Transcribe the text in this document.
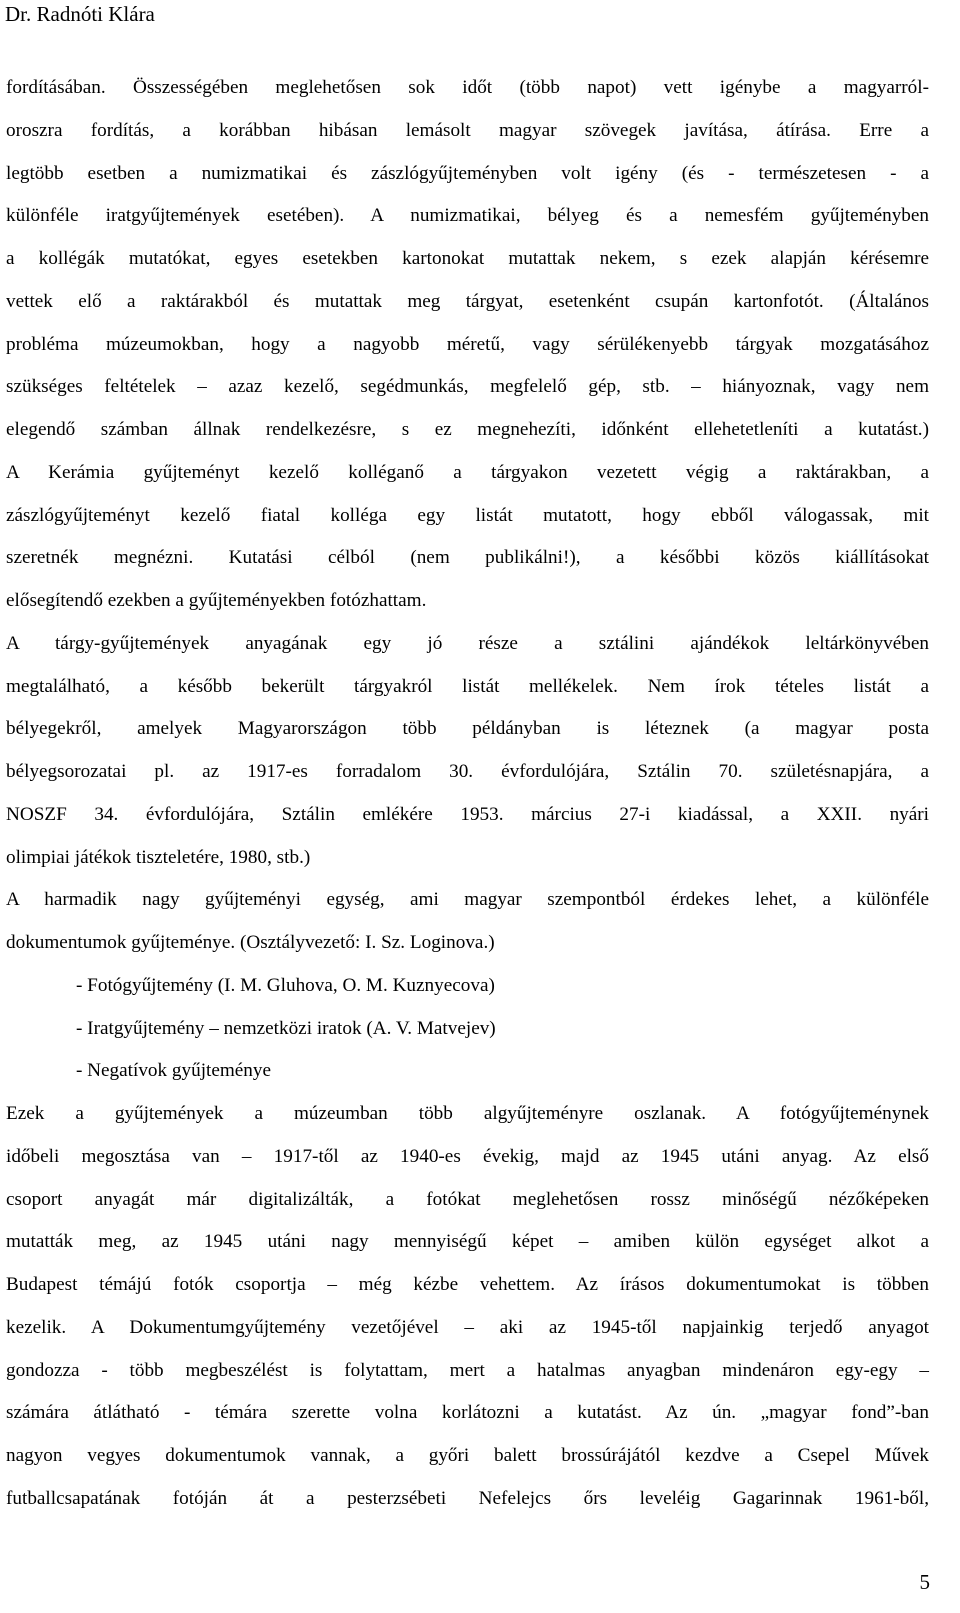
Dr. Radnóti Klára
fordításában. Összességében meglehetősen sok időt (több napot) vett igénybe a magyarról-
oroszra fordítás, a korábban hibásan lemásolt magyar szövegek javítása, átírása. Erre a
legtöbb esetben a numizmatikai és zászlógyűjteményben volt igény (és - természetesen - a
különféle iratgyűjtemények esetében). A numizmatikai, bélyeg és a nemesfém gyűjteményben
a kollégák mutatókat, egyes esetekben kartonokat mutattak nekem, s ezek alapján kérésemre
vettek elő a raktárakból és mutattak meg tárgyat, esetenként csupán kartonfotót. (Általános
probléma múzeumokban, hogy a nagyobb méretű, vagy sérülékenyebb tárgyak mozgatásához
szükséges feltételek – azaz kezelő, segédmunkás, megfelelő gép, stb. – hiányoznak, vagy nem
elegendő számban állnak rendelkezésre, s ez megnehezíti, időnként ellehetetleníti a kutatást.)
A Kerámia gyűjteményt kezelő kolléganő a tárgyakon vezetett végig a raktárakban, a
zászlógyűjteményt kezelő fiatal kolléga egy listát mutatott, hogy ebből válogassak, mit
szeretnék megnézni. Kutatási célból (nem publikálni!), a későbbi közös kiállításokat
elősegítendő ezekben a gyűjteményekben fotózhattam.
A tárgy-gyűjtemények anyagának egy jó része a sztálini ajándékok leltárkönyvében
megtalálható, a később bekerült tárgyakról listát mellékelek. Nem írok tételes listát a
bélyegekről, amelyek Magyarországon több példányban is léteznek (a magyar posta
bélyegsorozatai pl. az 1917-es forradalom 30. évfordulójára, Sztálin 70. születésnapjára, a
NOSZF 34. évfordulójára, Sztálin emlékére 1953. március 27-i kiadással, a XXII. nyári
olimpiai játékok tiszteletére, 1980, stb.)
A harmadik nagy gyűjteményi egység, ami magyar szempontból érdekes lehet, a különféle
dokumentumok gyűjteménye. (Osztályvezető: I. Sz. Loginova.)
- Fotógyűjtemény (I. M. Gluhova, O. M. Kuznyecova)
- Iratgyűjtemény – nemzetközi iratok (A. V. Matvejev)
- Negatívok gyűjteménye
Ezek a gyűjtemények a múzeumban több algyűjteményre oszlanak. A fotógyűjteménynek
időbeli megosztása van – 1917-től az 1940-es évekig, majd az 1945 utáni anyag. Az első
csoport anyagát már digitalizálták, a fotókat meglehetősen rossz minőségű nézőképeken
mutatták meg, az 1945 utáni nagy mennyiségű képet – amiben külön egységet alkot a
Budapest témájú fotók csoportja – még kézbe vehettem. Az írásos dokumentumokat is többen
kezelik. A Dokumentumgyűjtemény vezetőjével – aki az 1945-től napjainkig terjedő anyagot
gondozza - több megbeszélést is folytattam, mert a hatalmas anyagban mindenáron egy-egy –
számára átlátható - témára szerette volna korlátozni a kutatást. Az ún. „magyar fond”-ban
nagyon vegyes dokumentumok vannak, a győri balett brossúrájától kezdve a Csepel Művek
futballcsapatának fotóján át a pesterzsébeti Nefelejcs őrs leveléig Gagarinnak 1961-ből,
5
